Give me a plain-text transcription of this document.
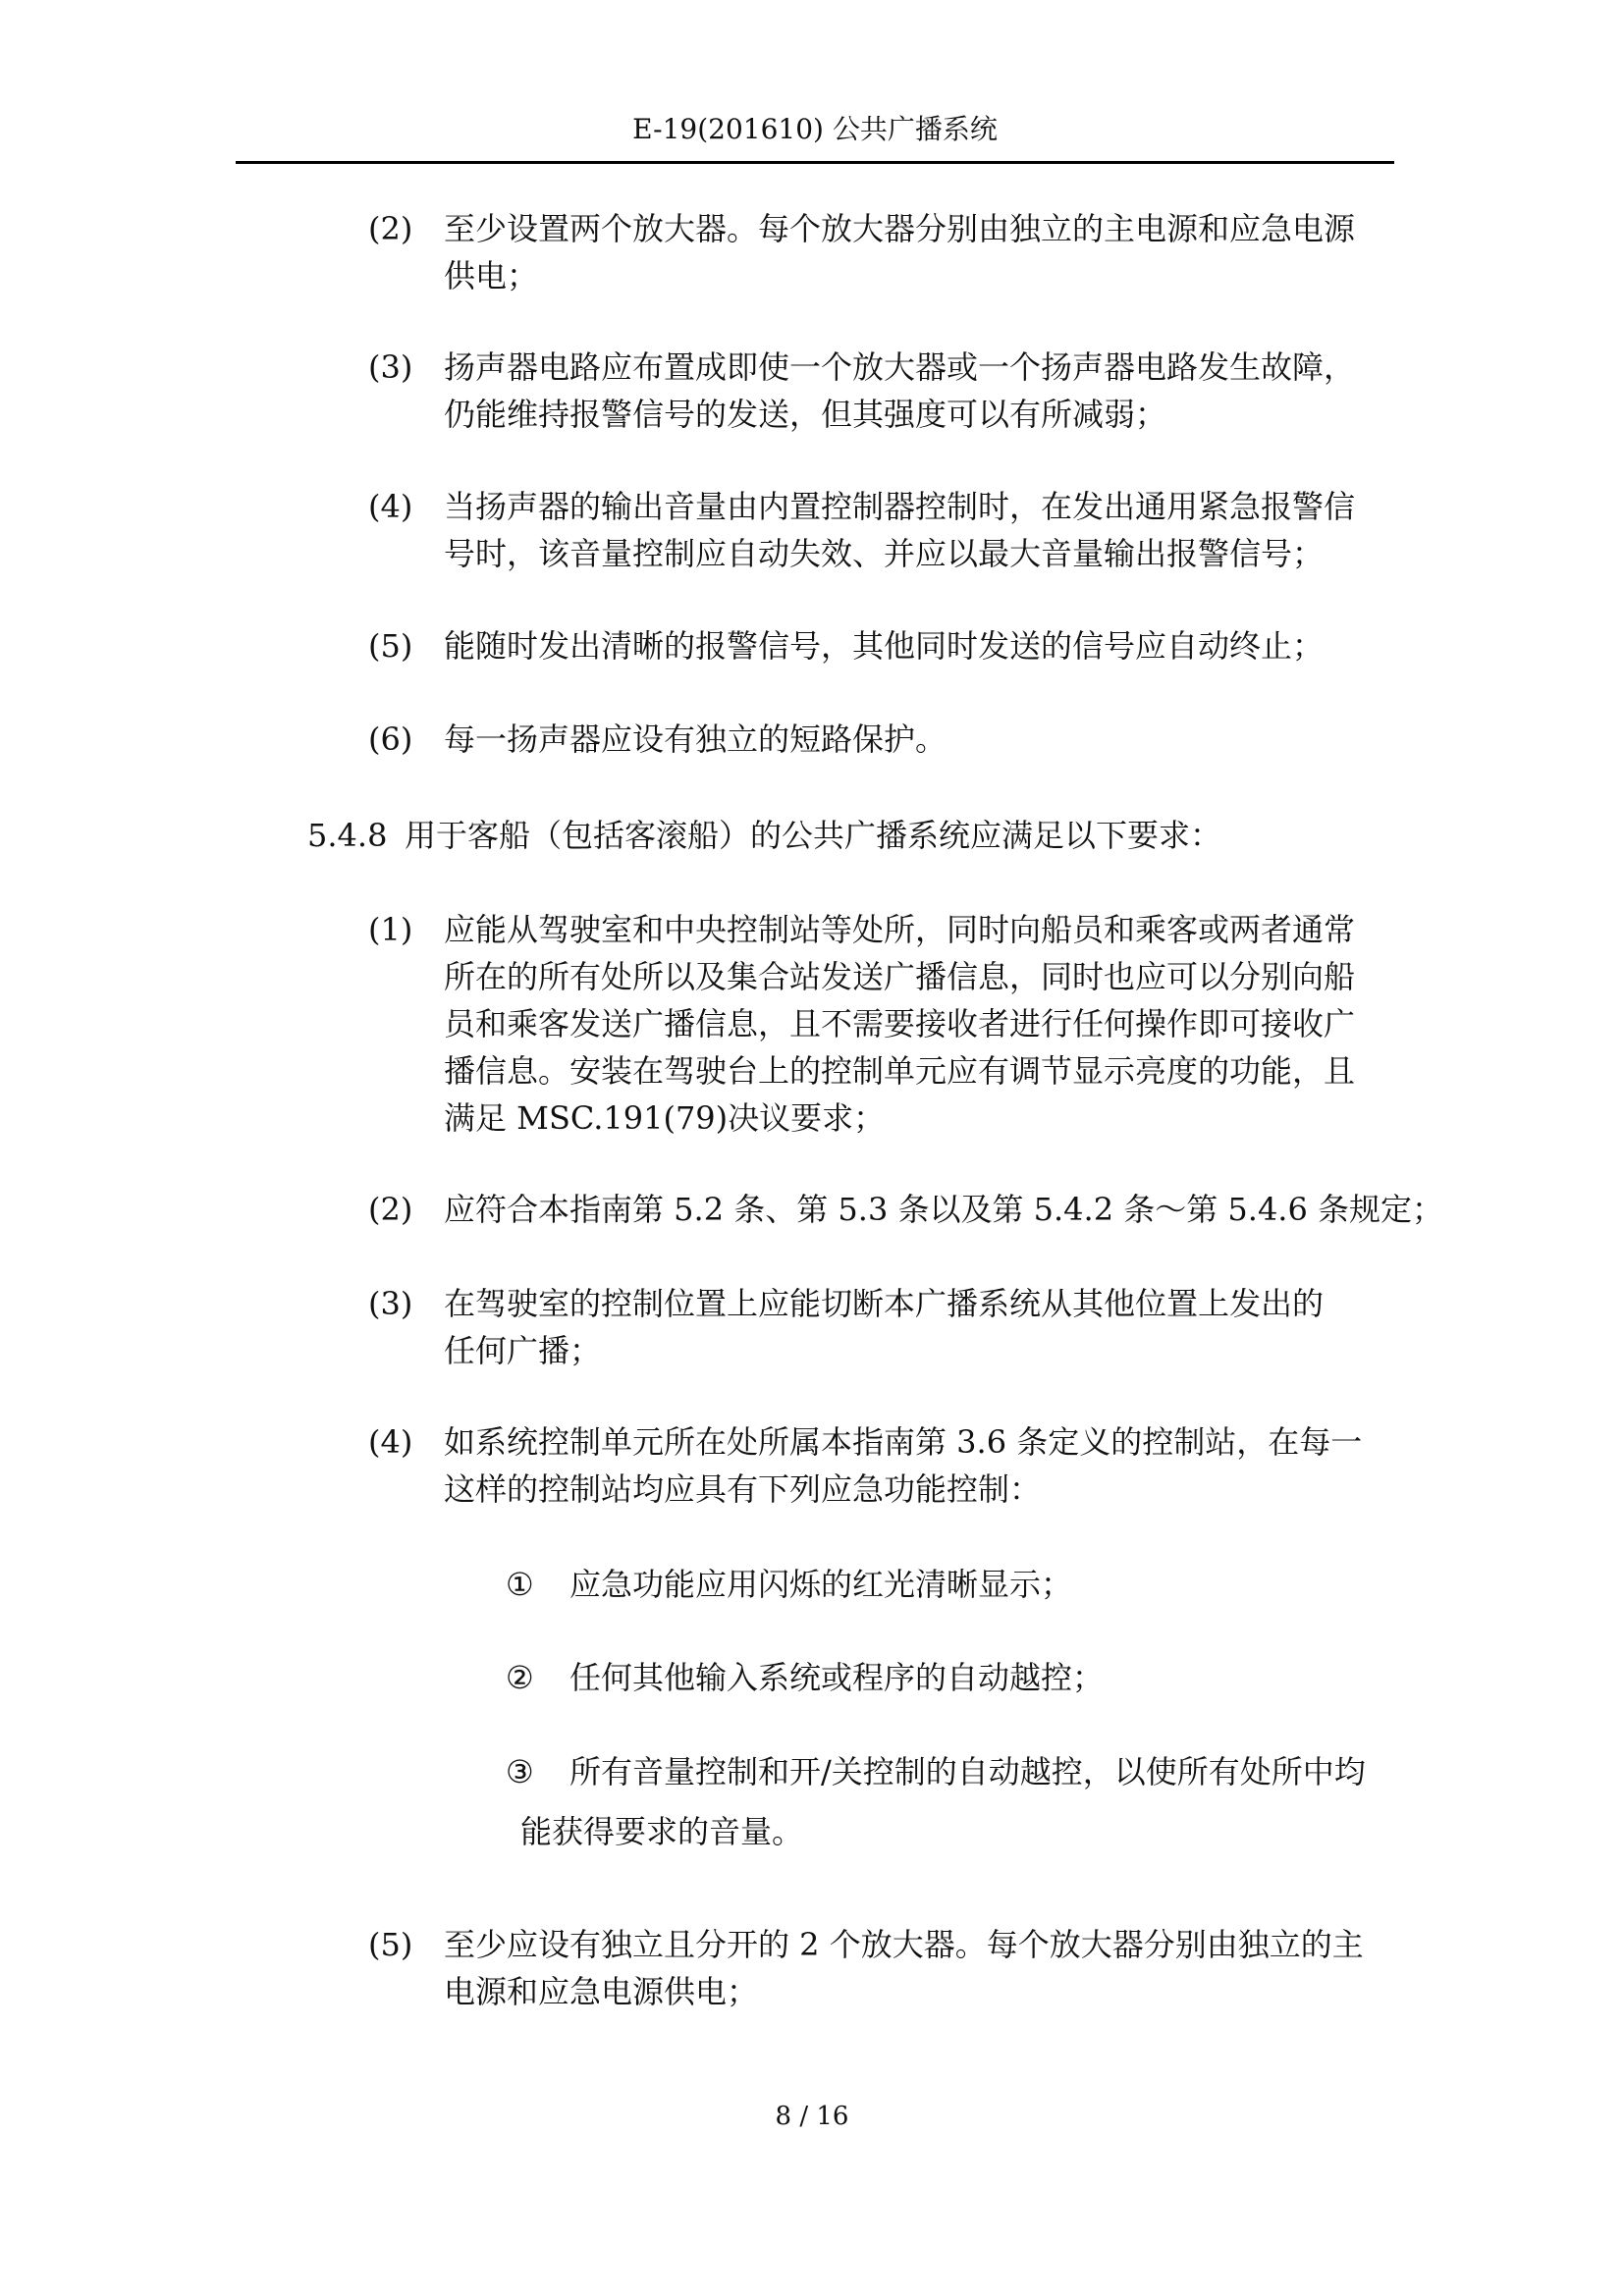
E-19(201610) 公共广播系统
(2) 至少设置两个放大器。每个放大器分别由独立的主电源和应急电源
供电；
(3) 扬声器电路应布置成即使一个放大器或一个扬声器电路发生故障，
仍能维持报警信号的发送，但其强度可以有所减弱；
(4) 当扬声器的输出音量由内置控制器控制时，在发出通用紧急报警信
号时，该音量控制应自动失效、并应以最大音量输出报警信号；
(5) 能随时发出清晰的报警信号，其他同时发送的信号应自动终止；
(6) 每一扬声器应设有独立的短路保护。
5.4.8 用于客船（包括客滚船）的公共广播系统应满足以下要求：
(1) 应能从驾驶室和中央控制站等处所，同时向船员和乘客或两者通常
所在的所有处所以及集合站发送广播信息，同时也应可以分别向船
员和乘客发送广播信息，且不需要接收者进行任何操作即可接收广
播信息。安装在驾驶台上的控制单元应有调节显示亮度的功能，且
满足 MSC.191(79)决议要求；
(2) 应符合本指南第 5.2 条、第 5.3 条以及第 5.4.2 条～第 5.4.6 条规定；
(3) 在驾驶室的控制位置上应能切断本广播系统从其他位置上发出的
任何广播；
(4) 如系统控制单元所在处所属本指南第 3.6 条定义的控制站，在每一
这样的控制站均应具有下列应急功能控制：
① 应急功能应用闪烁的红光清晰显示；
② 任何其他输入系统或程序的自动越控；
③ 所有音量控制和开/关控制的自动越控，以使所有处所中均
能获得要求的音量。
(5) 至少应设有独立且分开的 2 个放大器。每个放大器分别由独立的主
电源和应急电源供电；
8 / 16
